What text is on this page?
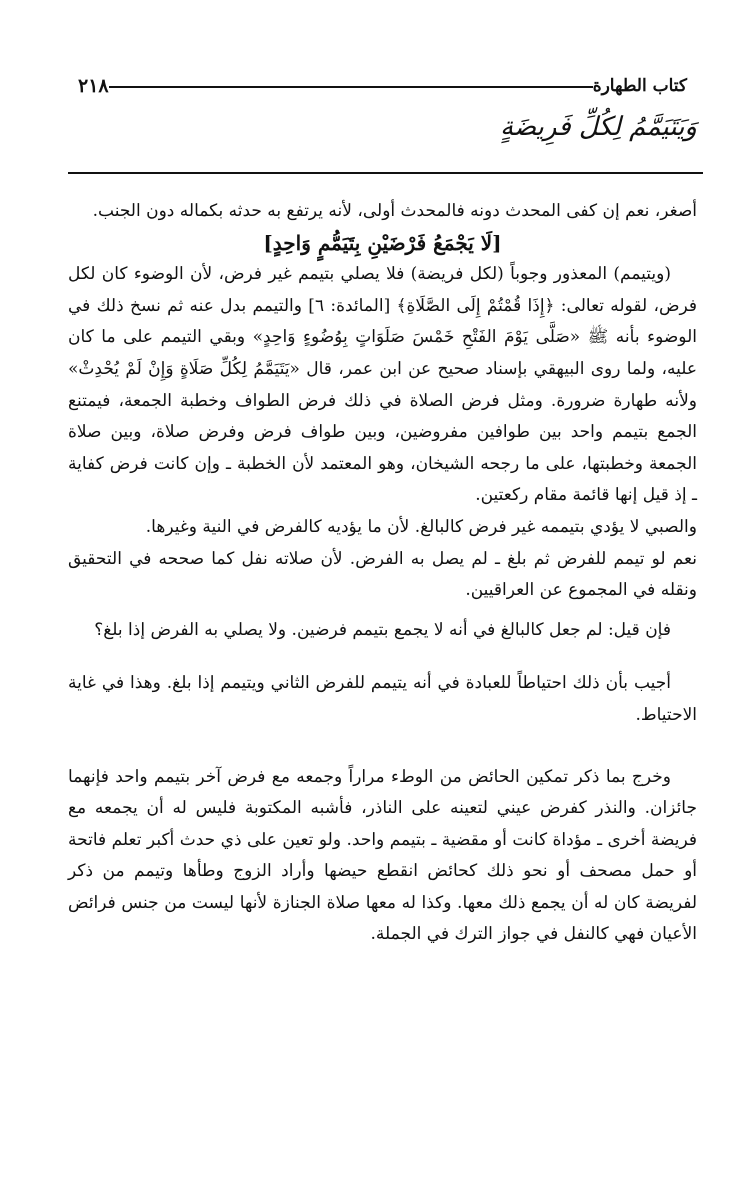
كتاب الطهارة
٢١٨
وَيَتَيَمَّمُ لِكُلِّ فَرِيضَةٍ

أصغر، نعم إن كفى المحدث دونه فالمحدث أولى، لأنه يرتفع به حدثه بكماله دون الجنب.

[لَا يَجْمَعُ فَرْضَيْنِ بِتَيَمُّمٍ وَاحِدٍ]

(ويتيمم) المعذور وجوباً (لكل فريضة) فلا يصلي بتيمم غير فرض، لأن الوضوء كان لكل فرض، لقوله تعالى: ﴿إِذَا قُمْتُمْ إِلَى الصَّلَاةِ﴾ [المائدة: ٦] والتيمم بدل عنه ثم نسخ ذلك في الوضوء بأنه ﷺ «صَلَّى يَوْمَ الفَتْحِ خَمْسَ صَلَوَاتٍ بِوُضُوءٍ وَاحِدٍ» وبقي التيمم على ما كان عليه، ولما روى البيهقي بإسناد صحيح عن ابن عمر، قال «يَتَيَمَّمُ لِكُلِّ صَلَاةٍ وَإِنْ لَمْ يُحْدِثْ» ولأنه طهارة ضرورة. ومثل فرض الصلاة في ذلك فرض الطواف وخطبة الجمعة، فيمتنع الجمع بتيمم واحد بين طوافين مفروضين، وبين طواف فرض وفرض صلاة، وبين صلاة الجمعة وخطبتها، على ما رجحه الشيخان، وهو المعتمد لأن الخطبة ـ وإن كانت فرض كفاية ـ إذ قيل إنها قائمة مقام ركعتين.

والصبي لا يؤدي بتيممه غير فرض كالبالغ. لأن ما يؤديه كالفرض في النية وغيرها.

نعم لو تيمم للفرض ثم بلغ ـ لم يصل به الفرض. لأن صلاته نفل كما صححه في التحقيق ونقله في المجموع عن العراقيين.

فإن قيل: لم جعل كالبالغ في أنه لا يجمع بتيمم فرضين. ولا يصلي به الفرض إذا بلغ؟

أجيب بأن ذلك احتياطاً للعبادة في أنه يتيمم للفرض الثاني ويتيمم إذا بلغ. وهذا في غاية الاحتياط.

وخرج بما ذكر تمكين الحائض من الوطء مراراً وجمعه مع فرض آخر بتيمم واحد فإنهما جائزان. والنذر كفرض عيني لتعينه على الناذر، فأشبه المكتوبة فليس له أن يجمعه مع فريضة أخرى ـ مؤداة كانت أو مقضية ـ بتيمم واحد. ولو تعين على ذي حدث أكبر تعلم فاتحة أو حمل مصحف أو نحو ذلك كحائض انقطع حيضها وأراد الزوج وطأها وتيمم من ذكر لفريضة كان له أن يجمع ذلك معها. وكذا له معها صلاة الجنازة لأنها ليست من جنس فرائض الأعيان فهي كالنفل في جواز الترك في الجملة.
